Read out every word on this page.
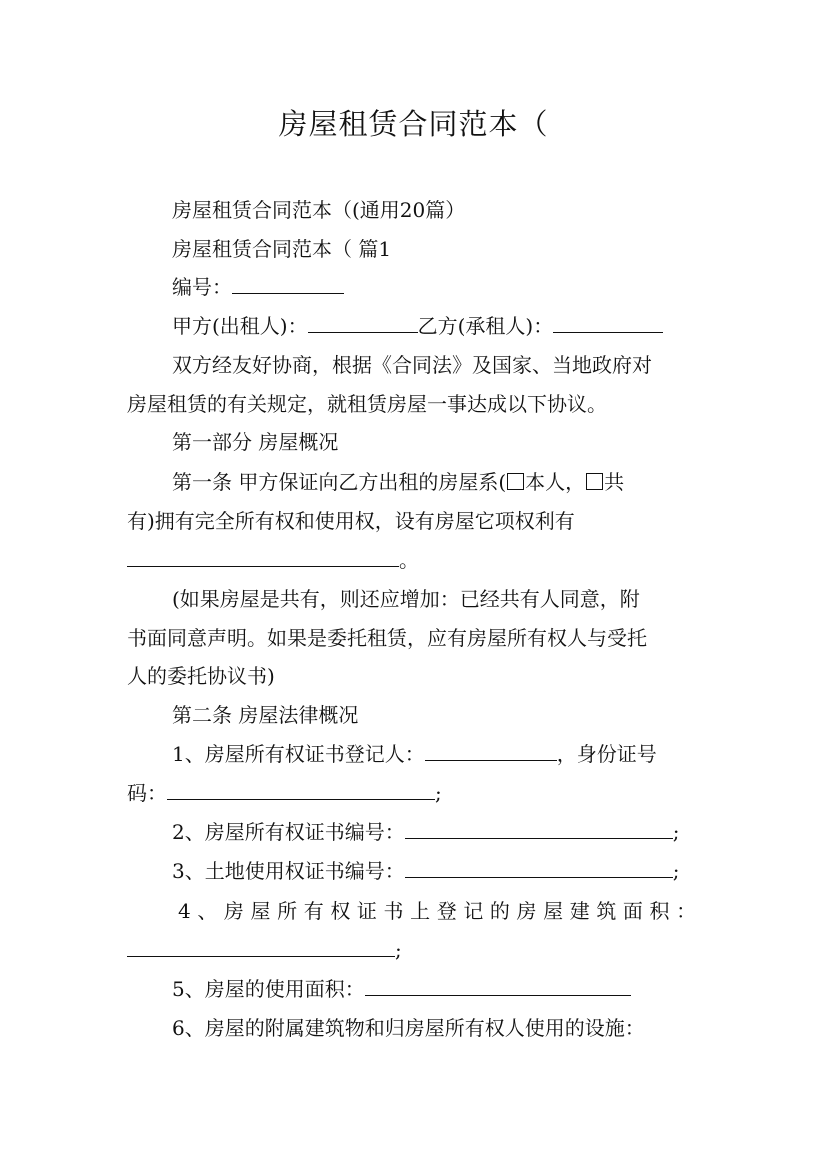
房屋租赁合同范本（
房屋租赁合同范本（(通用20篇）
房屋租赁合同范本（ 篇1
编号：
甲方(出租人)：	乙方(承租人)：
双方经友好协商，根据《合同法》及国家、当地政府对
房屋租赁的有关规定，就租赁房屋一事达成以下协议。
第一部分 房屋概况
第一条 甲方保证向乙方出租的房屋系( 本人， 共
有)拥有完全所有权和使用权，设有房屋它项权利有
。
(如果房屋是共有，则还应增加：已经共有人同意，附
书面同意声明。如果是委托租赁，应有房屋所有权人与受托
人的委托协议书)
第二条 房屋法律概况
1、房屋所有权证书登记人：	，身份证号
码：	;
2、房屋所有权证书编号：	;
3、土地使用权证书编号：	;
4、房屋所有权证书上登记的房屋建筑面积：
;
5、房屋的使用面积：
6、房屋的附属建筑物和归房屋所有权人使用的设施：
